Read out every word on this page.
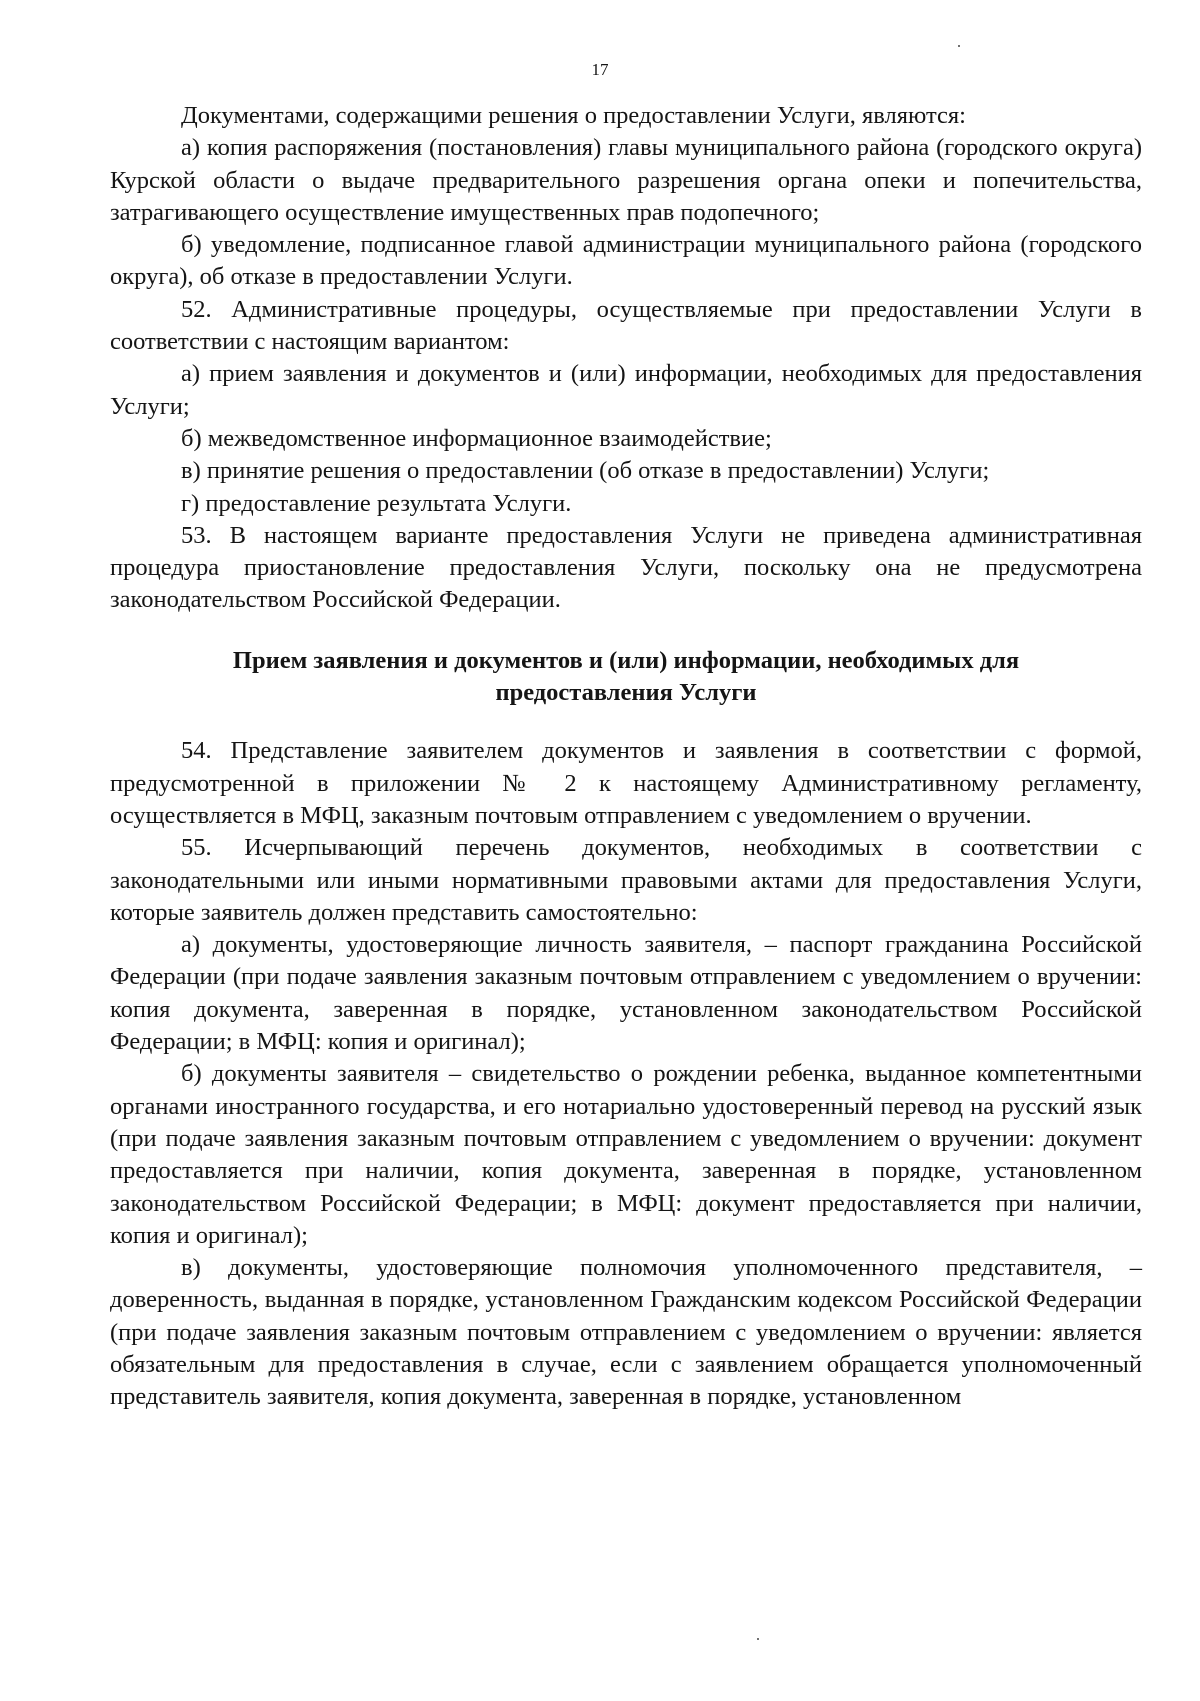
17

Документами, содержащими решения о предоставлении Услуги, являются:

а) копия распоряжения (постановления) главы муниципального района (городского округа) Курской области о выдаче предварительного разрешения органа опеки и попечительства, затрагивающего осуществление имущественных прав подопечного;

б) уведомление, подписанное главой администрации муниципального района (городского округа), об отказе в предоставлении Услуги.

52. Административные процедуры, осуществляемые при предоставлении Услуги в соответствии с настоящим вариантом:

а) прием заявления и документов и (или) информации, необходимых для предоставления Услуги;

б) межведомственное информационное взаимодействие;

в) принятие решения о предоставлении (об отказе в предоставлении) Услуги;

г) предоставление результата Услуги.

53. В настоящем варианте предоставления Услуги не приведена административная процедура приостановление предоставления Услуги, поскольку она не предусмотрена законодательством Российской Федерации.

Прием заявления и документов и (или) информации, необходимых для предоставления Услуги

54. Представление заявителем документов и заявления в соответствии с формой, предусмотренной в приложении № 2 к настоящему Административному регламенту, осуществляется в МФЦ, заказным почтовым отправлением с уведомлением о вручении.

55. Исчерпывающий перечень документов, необходимых в соответствии с законодательными или иными нормативными правовыми актами для предоставления Услуги, которые заявитель должен представить самостоятельно:

а) документы, удостоверяющие личность заявителя, – паспорт гражданина Российской Федерации (при подаче заявления заказным почтовым отправлением с уведомлением о вручении: копия документа, заверенная в порядке, установленном законодательством Российской Федерации; в МФЦ: копия и оригинал);

б) документы заявителя – свидетельство о рождении ребенка, выданное компетентными органами иностранного государства, и его нотариально удостоверенный перевод на русский язык (при подаче заявления заказным почтовым отправлением с уведомлением о вручении: документ предоставляется при наличии, копия документа, заверенная в порядке, установленном законодательством Российской Федерации; в МФЦ: документ предоставляется при наличии, копия и оригинал);

в) документы, удостоверяющие полномочия уполномоченного представителя, – доверенность, выданная в порядке, установленном Гражданским кодексом Российской Федерации (при подаче заявления заказным почтовым отправлением с уведомлением о вручении: является обязательным для предоставления в случае, если с заявлением обращается уполномоченный представитель заявителя, копия документа, заверенная в порядке, установленном
